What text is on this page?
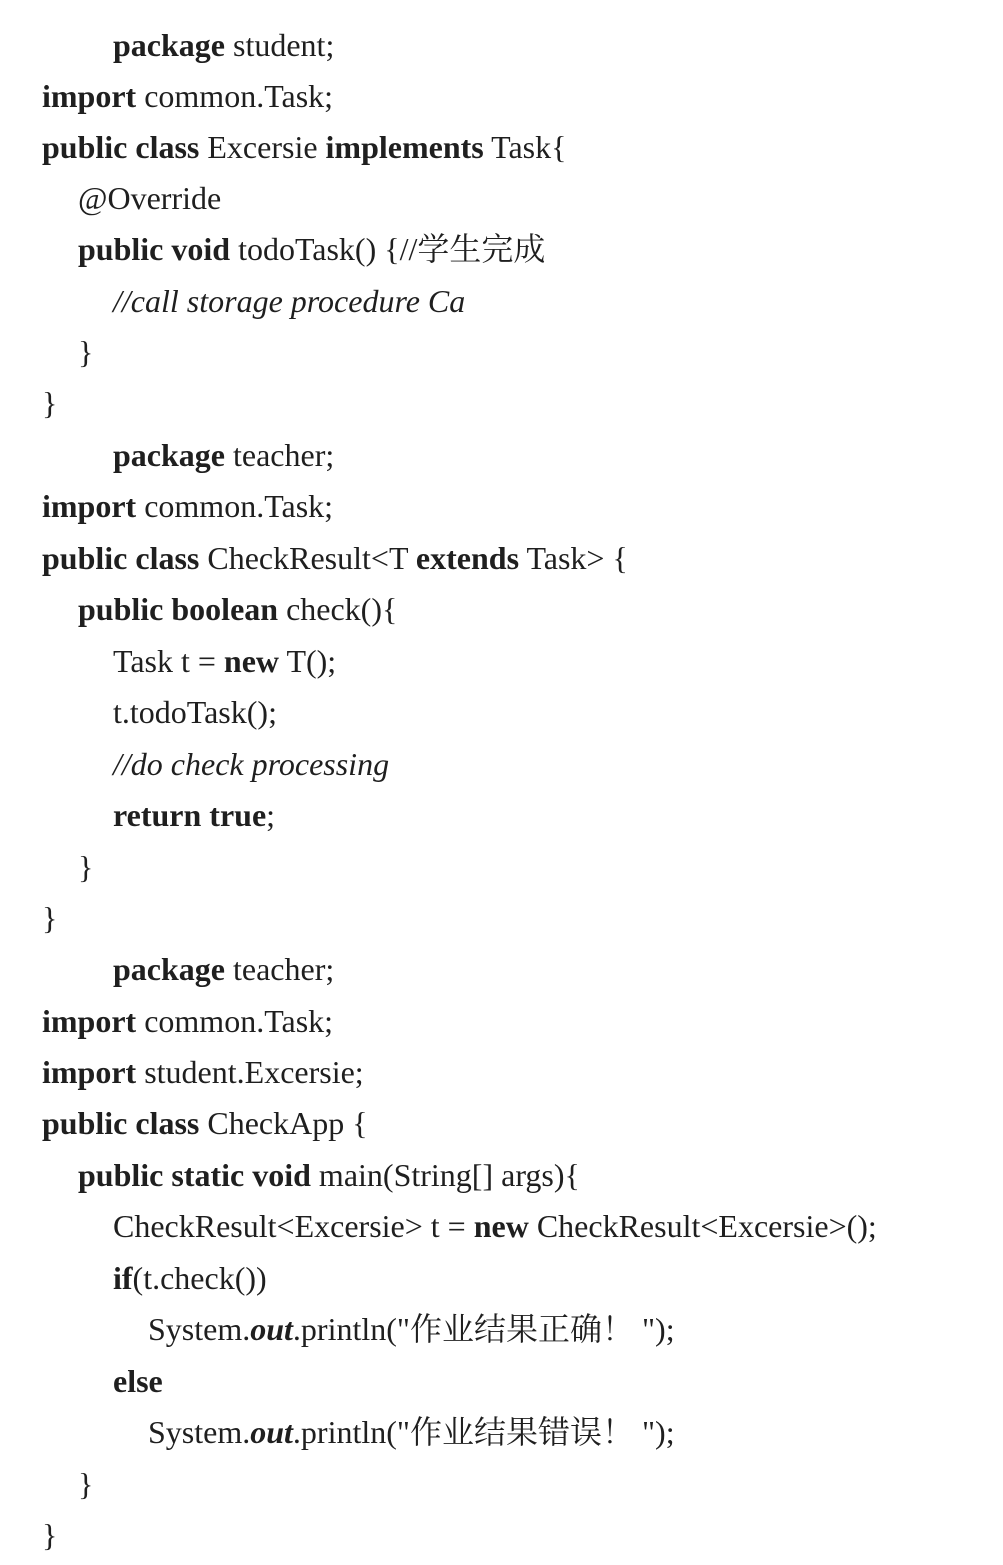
package student;
import common.Task;
public class Excersie implements Task{
@Override
public void todoTask() {//学生完成
//call storage procedure Ca
}
}
package teacher;
import common.Task;
public class CheckResult<T extends Task> {
public boolean check(){
Task t = new T();
t.todoTask();
//do check processing
return true;
}
}
package teacher;
import common.Task;
import student.Excersie;
public class CheckApp {
public static void main(String[] args){
CheckResult<Excersie> t = new CheckResult<Excersie>();
if(t.check())
System.out.println("作业结果正确！ ");
else
System.out.println("作业结果错误！ ");
}
}
